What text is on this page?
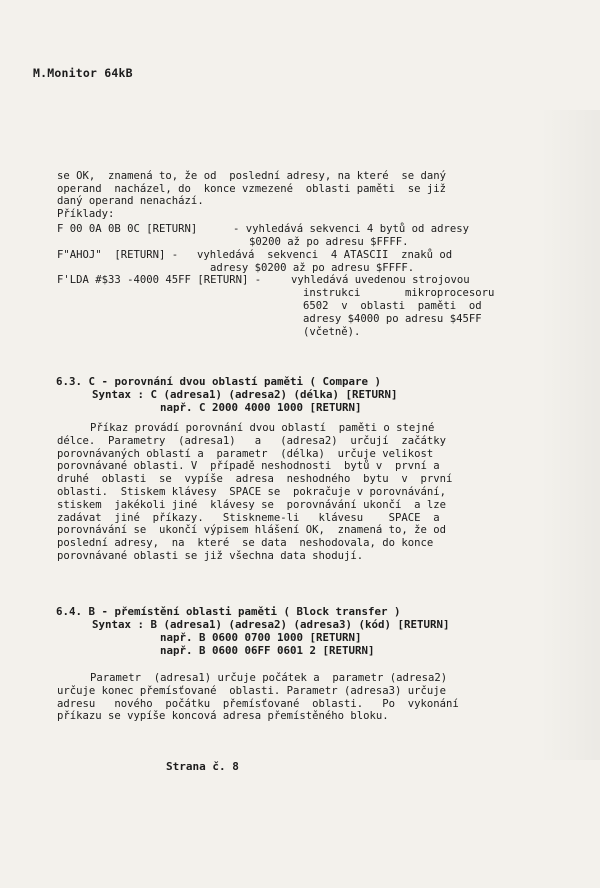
M.Monitor 64kB
se OK,  znamená to, že od  poslední adresy, na které  se daný
operand  nacházel, do  konce vzmezené  oblasti paměti  se již
daný operand nenachází.
Příklady:
F 00 0A 0B 0C [RETURN]	- vyhledává sekvenci 4 bytů od adresy
$0200 až po adresu $FFFF.
F"AHOJ"  [RETURN] - vyhledává  sekvenci  4 ATASCII  znaků od
adresy $0200 až po adresu $FFFF.
F'LDA #$33 -4000 45FF [RETURN] -	vyhledává uvedenou strojovou
instrukci       mikroprocesoru
6502  v  oblasti  paměti  od
adresy $4000 po adresu $45FF
(včetně).
6.3. C - porovnání dvou oblastí paměti ( Compare )
Syntax : C (adresa1) (adresa2) (délka) [RETURN]
např. C 2000 4000 1000 [RETURN]
Příkaz provádí porovnání dvou oblastí  paměti o stejné
délce.  Parametry  (adresa1)   a   (adresa2)  určují  začátky
porovnávaných oblastí a  parametr  (délka)  určuje velikost
porovnávané oblasti. V  případě neshodnosti  bytů v  první a
druhé  oblasti  se  vypíše  adresa  neshodného  bytu  v  první
oblasti.  Stiskem klávesy  SPACE se  pokračuje v porovnávání,
stiskem  jakékoli jiné  klávesy se  porovnávání ukončí  a lze
zadávat  jiné  příkazy.   Stiskneme-li   klávesu    SPACE  a
porovnávání se  ukončí výpisem hlášení OK,  znamená to, že od
poslední adresy,  na  které  se data  neshodovala, do konce
porovnávané oblasti se již všechna data shodují.
6.4. B - přemístění oblasti paměti ( Block transfer )
Syntax : B (adresa1) (adresa2) (adresa3) (kód) [RETURN]
např. B 0600 0700 1000 [RETURN]
např. B 0600 06FF 0601 2 [RETURN]
Parametr  (adresa1) určuje počátek a  parametr (adresa2)
určuje konec přemísťované  oblasti. Parametr (adresa3) určuje
adresu   nového  počátku  přemísťované  oblasti.   Po  vykonání
příkazu se vypíše koncová adresa přemístěného bloku.
Strana č. 8
